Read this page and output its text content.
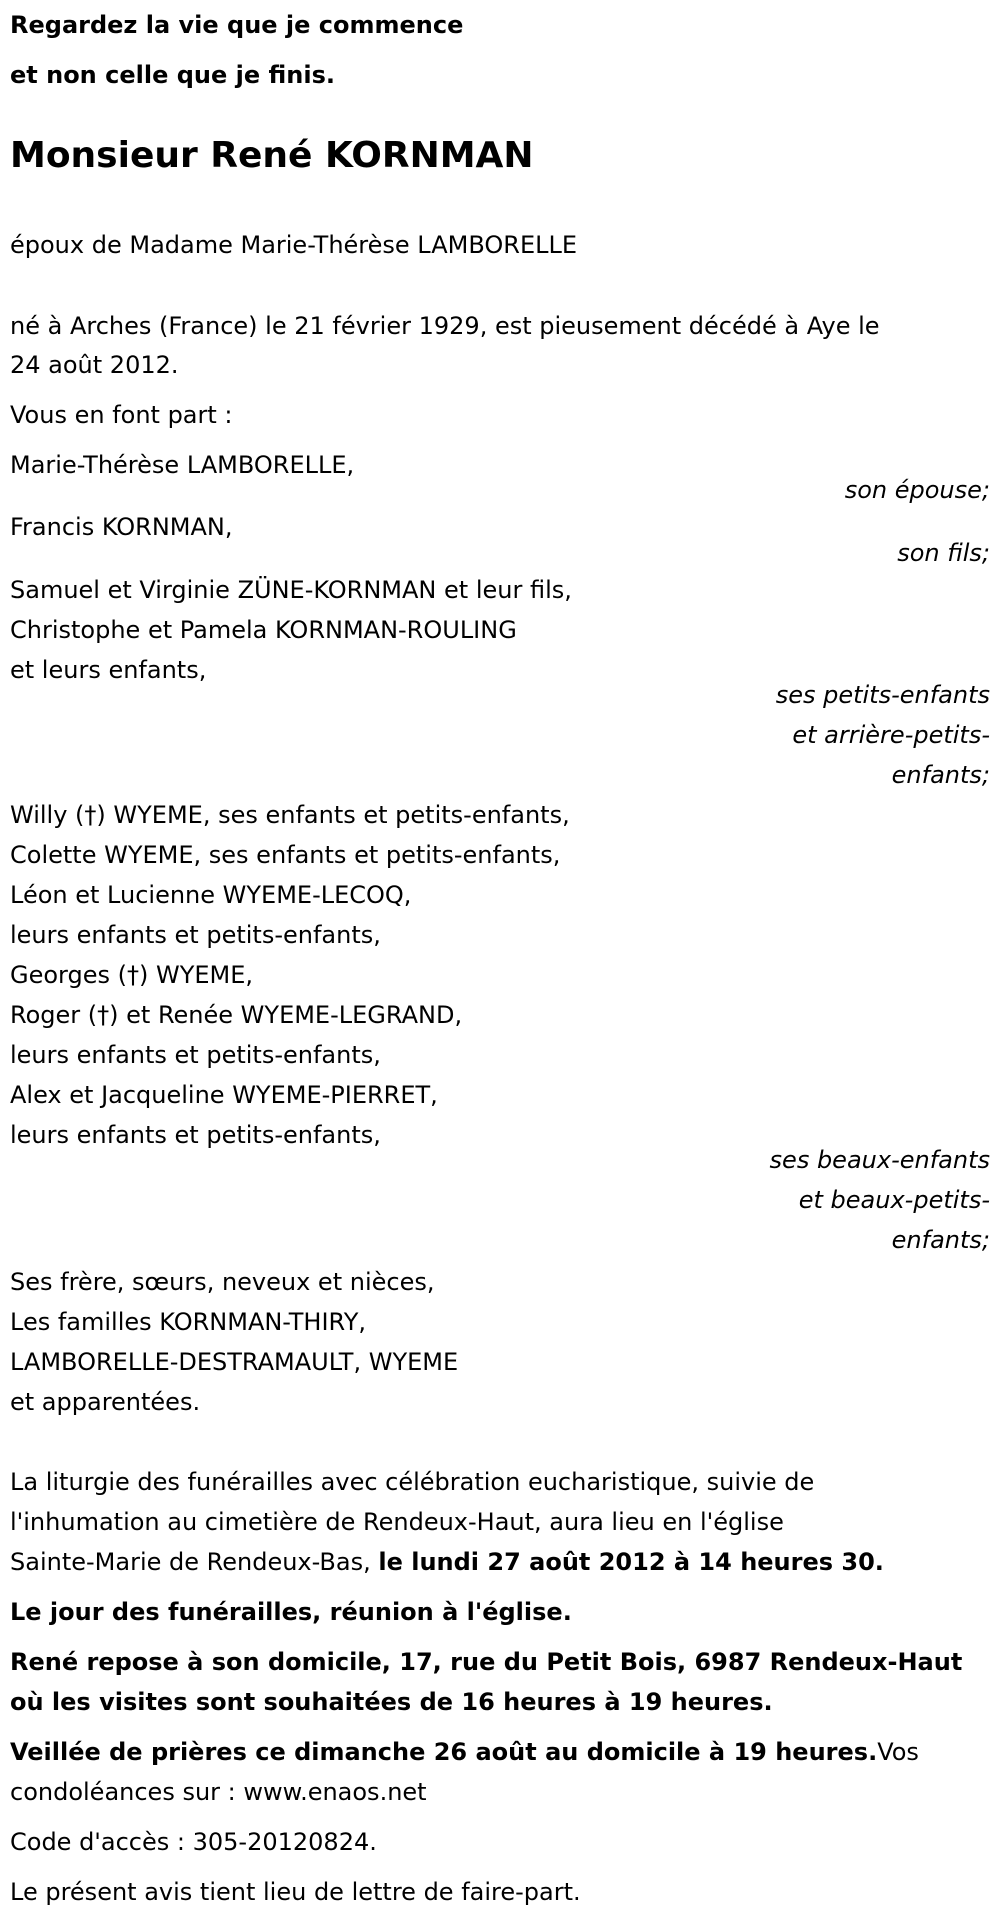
Regardez la vie que je commence

et non celle que je finis.

Monsieur René KORNMAN

époux de Madame Marie-Thérèse LAMBORELLE

né à Arches (France) le 21 février 1929, est pieusement décédé à Aye le

24 août 2012.

Vous en font part :

Marie-Thérèse LAMBORELLE,

son épouse;

Francis KORNMAN,

son fils;

Samuel et Virginie ZÜNE-KORNMAN et leur fils,

Christophe et Pamela KORNMAN-ROULING

et leurs enfants,

ses petits-enfants

et arrière-petits-

enfants;

Willy (†) WYEME, ses enfants et petits-enfants,

Colette WYEME, ses enfants et petits-enfants,

Léon et Lucienne WYEME-LECOQ,

leurs enfants et petits-enfants,

Georges (†) WYEME,

Roger (†) et Renée WYEME-LEGRAND,

leurs enfants et petits-enfants,

Alex et Jacqueline WYEME-PIERRET,

leurs enfants et petits-enfants,

ses beaux-enfants

et beaux-petits-

enfants;

Ses frère, sœurs, neveux et nièces,

Les familles KORNMAN-THIRY,

LAMBORELLE-DESTRAMAULT, WYEME

et apparentées.

La liturgie des funérailles avec célébration eucharistique, suivie de

l'inhumation au cimetière de Rendeux-Haut, aura lieu en l'église

Sainte-Marie de Rendeux-Bas, le lundi 27 août 2012 à 14 heures 30.

Le jour des funérailles, réunion à l'église.

René repose à son domicile, 17, rue du Petit Bois, 6987 Rendeux-Haut

où les visites sont souhaitées de 16 heures à 19 heures.

Veillée de prières ce dimanche 26 août au domicile à 19 heures.Vos

condoléances sur : www.enaos.net

Code d'accès : 305-20120824.

Le présent avis tient lieu de lettre de faire-part.
